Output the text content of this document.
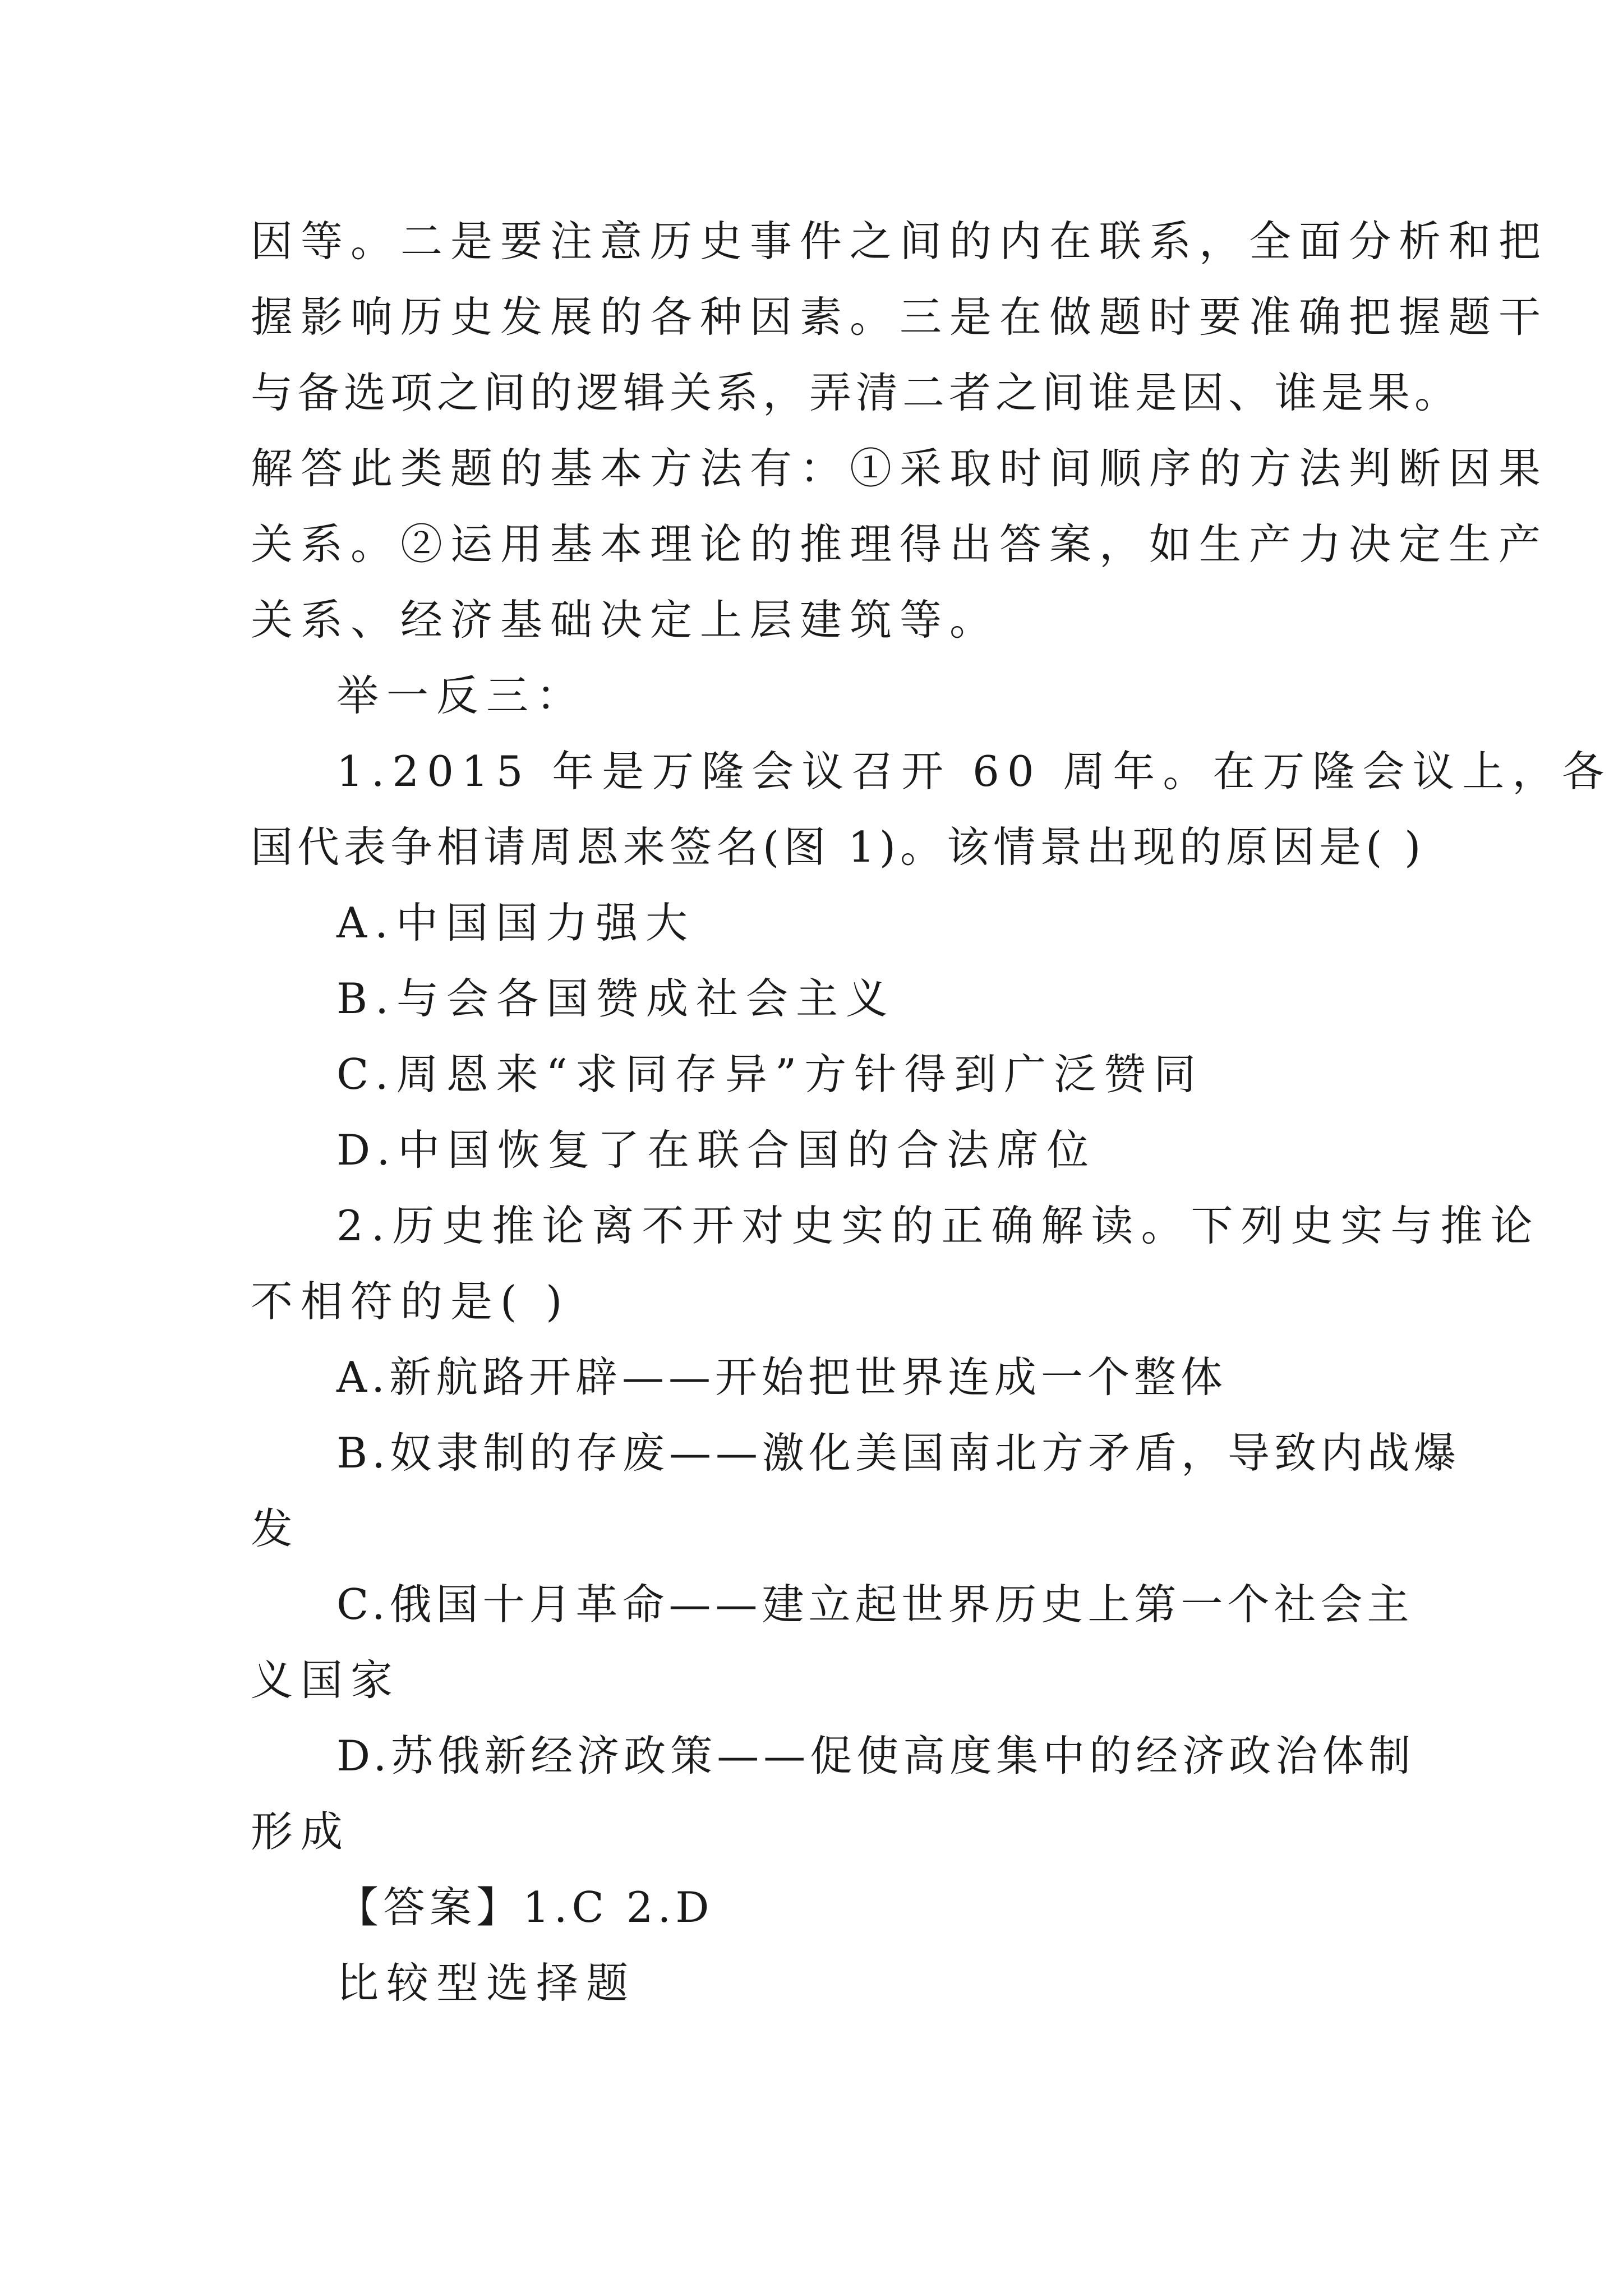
因等。二是要注意历史事件之间的内在联系，全面分析和把
握影响历史发展的各种因素。三是在做题时要准确把握题干
与备选项之间的逻辑关系，弄清二者之间谁是因、谁是果。
解答此类题的基本方法有：①采取时间顺序的方法判断因果
关系。②运用基本理论的推理得出答案，如生产力决定生产
关系、经济基础决定上层建筑等。
举一反三：
1.2015 年是万隆会议召开 60 周年。在万隆会议上，各
国代表争相请周恩来签名(图 1)。该情景出现的原因是( )
A.中国国力强大
B.与会各国赞成社会主义
C.周恩来“求同存异”方针得到广泛赞同
D.中国恢复了在联合国的合法席位
2.历史推论离不开对史实的正确解读。下列史实与推论
不相符的是( )
A.新航路开辟——开始把世界连成一个整体
B.奴隶制的存废——激化美国南北方矛盾，导致内战爆
发
C.俄国十月革命——建立起世界历史上第一个社会主
义国家
D.苏俄新经济政策——促使高度集中的经济政治体制
形成
【答案】1.C 2.D
比较型选择题
